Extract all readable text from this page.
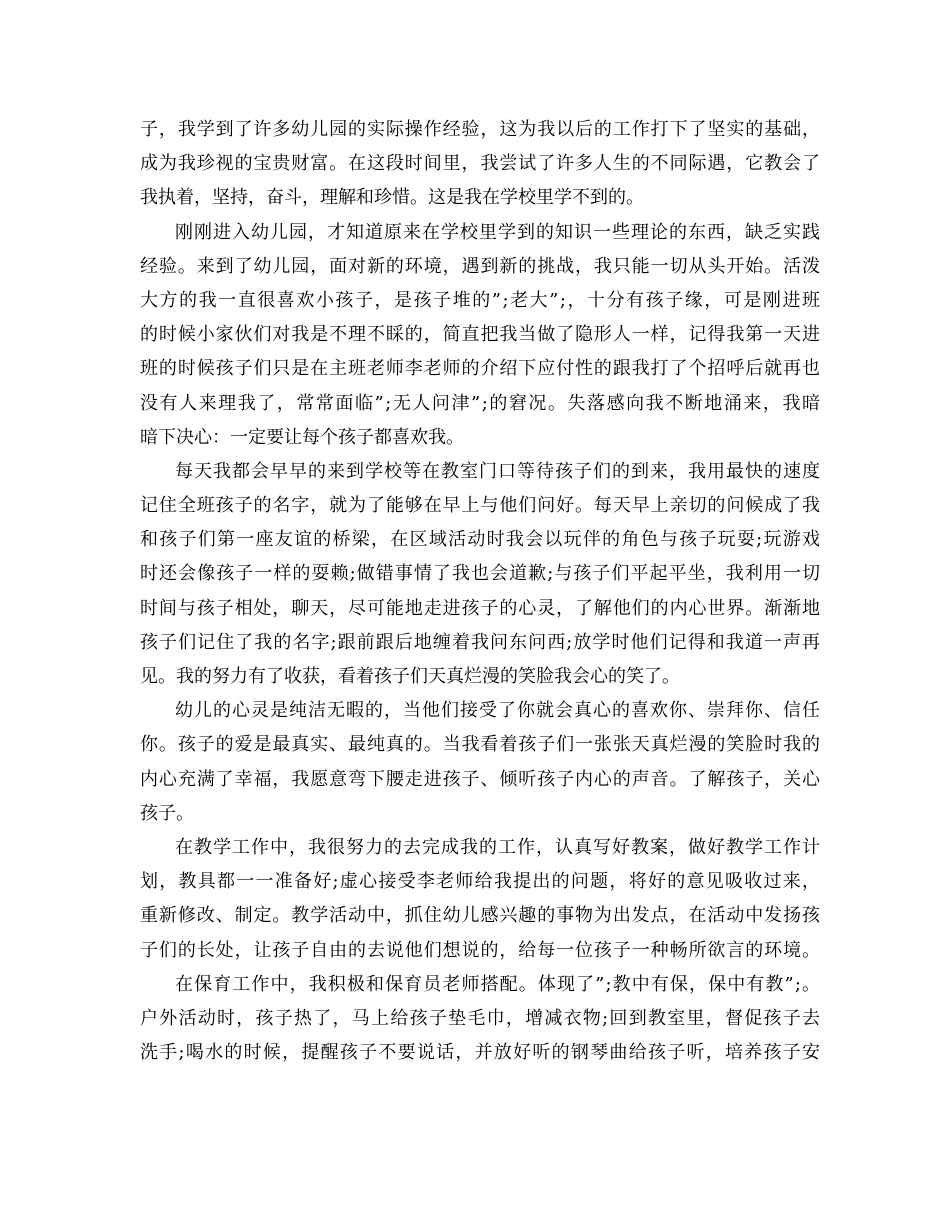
子，我学到了许多幼儿园的实际操作经验，这为我以后的工作打下了坚实的基础，
成为我珍视的宝贵财富。在这段时间里，我尝试了许多人生的不同际遇，它教会了
我执着，坚持，奋斗，理解和珍惜。这是我在学校里学不到的。
刚刚进入幼儿园，才知道原来在学校里学到的知识一些理论的东西，缺乏实践
经验。来到了幼儿园，面对新的环境，遇到新的挑战，我只能一切从头开始。活泼
大方的我一直很喜欢小孩子，是孩子堆的”;老大”;，十分有孩子缘，可是刚进班
的时候小家伙们对我是不理不睬的，简直把我当做了隐形人一样，记得我第一天进
班的时候孩子们只是在主班老师李老师的介绍下应付性的跟我打了个招呼后就再也
没有人来理我了，常常面临”;无人问津”;的窘况。失落感向我不断地涌来，我暗
暗下决心：一定要让每个孩子都喜欢我。
每天我都会早早的来到学校等在教室门口等待孩子们的到来，我用最快的速度
记住全班孩子的名字，就为了能够在早上与他们问好。每天早上亲切的问候成了我
和孩子们第一座友谊的桥梁，在区域活动时我会以玩伴的角色与孩子玩耍;玩游戏
时还会像孩子一样的耍赖;做错事情了我也会道歉;与孩子们平起平坐，我利用一切
时间与孩子相处，聊天，尽可能地走进孩子的心灵，了解他们的内心世界。渐渐地
孩子们记住了我的名字;跟前跟后地缠着我问东问西;放学时他们记得和我道一声再
见。我的努力有了收获，看着孩子们天真烂漫的笑脸我会心的笑了。
幼儿的心灵是纯洁无暇的，当他们接受了你就会真心的喜欢你、崇拜你、信任
你。孩子的爱是最真实、最纯真的。当我看着孩子们一张张天真烂漫的笑脸时我的
内心充满了幸福，我愿意弯下腰走进孩子、倾听孩子内心的声音。了解孩子，关心
孩子。
在教学工作中，我很努力的去完成我的工作，认真写好教案，做好教学工作计
划，教具都一一准备好;虚心接受李老师给我提出的问题，将好的意见吸收过来，
重新修改、制定。教学活动中，抓住幼儿感兴趣的事物为出发点，在活动中发扬孩
子们的长处，让孩子自由的去说他们想说的，给每一位孩子一种畅所欲言的环境。
在保育工作中，我积极和保育员老师搭配。体现了”;教中有保，保中有教”;。
户外活动时，孩子热了，马上给孩子垫毛巾，增减衣物;回到教室里，督促孩子去
洗手;喝水的时候，提醒孩子不要说话，并放好听的钢琴曲给孩子听，培养孩子安
